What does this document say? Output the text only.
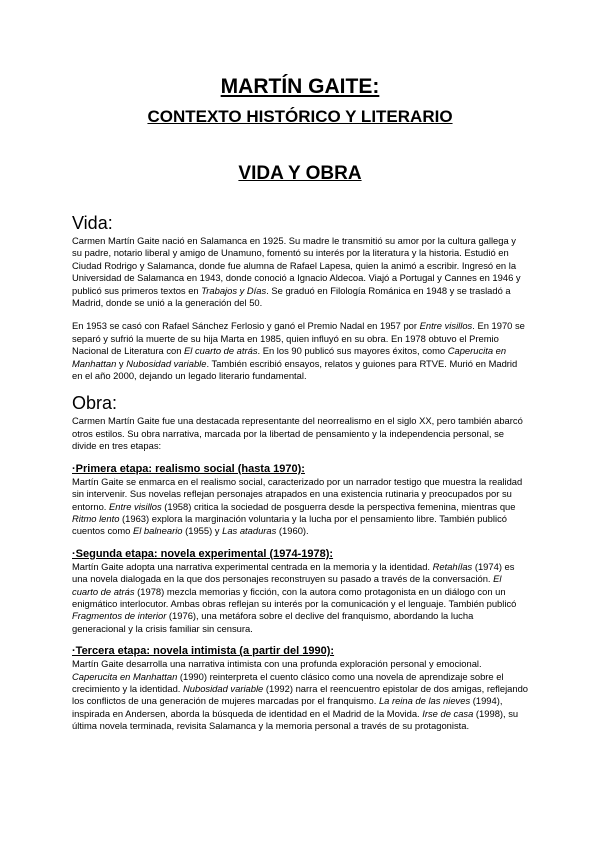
MARTÍN GAITE:
CONTEXTO HISTÓRICO Y LITERARIO
VIDA Y OBRA
Vida:

Carmen Martín Gaite nació en Salamanca en 1925. Su madre le transmitió su amor por la cultura gallega y su padre, notario liberal y amigo de Unamuno, fomentó su interés por la literatura y la historia. Estudió en Ciudad Rodrigo y Salamanca, donde fue alumna de Rafael Lapesa, quien la animó a escribir. Ingresó en la Universidad de Salamanca en 1943, donde conoció a Ignacio Aldecoa. Viajó a Portugal y Cannes en 1946 y publicó sus primeros textos en Trabajos y Días. Se graduó en Filología Románica en 1948 y se trasladó a Madrid, donde se unió a la generación del 50.

En 1953 se casó con Rafael Sánchez Ferlosio y ganó el Premio Nadal en 1957 por Entre visillos. En 1970 se separó y sufrió la muerte de su hija Marta en 1985, quien influyó en su obra. En 1978 obtuvo el Premio Nacional de Literatura con El cuarto de atrás. En los 90 publicó sus mayores éxitos, como Caperucita en Manhattan y Nubosidad variable. También escribió ensayos, relatos y guiones para RTVE. Murió en Madrid en el año 2000, dejando un legado literario fundamental.

Obra:

Carmen Martín Gaite fue una destacada representante del neorrealismo en el siglo XX, pero también abarcó otros estilos. Su obra narrativa, marcada por la libertad de pensamiento y la independencia personal, se divide en tres etapas:

·Primera etapa: realismo social (hasta 1970):

Martín Gaite se enmarca en el realismo social, caracterizado por un narrador testigo que muestra la realidad sin intervenir. Sus novelas reflejan personajes atrapados en una existencia rutinaria y preocupados por su entorno. Entre visillos (1958) critica la sociedad de posguerra desde la perspectiva femenina, mientras que Ritmo lento (1963) explora la marginación voluntaria y la lucha por el pensamiento libre. También publicó cuentos como El balneario (1955) y Las ataduras (1960).

·Segunda etapa: novela experimental (1974-1978):

Martín Gaite adopta una narrativa experimental centrada en la memoria y la identidad. Retahílas (1974) es una novela dialogada en la que dos personajes reconstruyen su pasado a través de la conversación. El cuarto de atrás (1978) mezcla memorias y ficción, con la autora como protagonista en un diálogo con un enigmático interlocutor. Ambas obras reflejan su interés por la comunicación y el lenguaje. También publicó Fragmentos de interior (1976), una metáfora sobre el declive del franquismo, abordando la lucha generacional y la crisis familiar sin censura.

·Tercera etapa: novela intimista (a partir del 1990):

Martín Gaite desarrolla una narrativa intimista con una profunda exploración personal y emocional. Caperucita en Manhattan (1990) reinterpreta el cuento clásico como una novela de aprendizaje sobre el crecimiento y la identidad. Nubosidad variable (1992) narra el reencuentro epistolar de dos amigas, reflejando los conflictos de una generación de mujeres marcadas por el franquismo. La reina de las nieves (1994), inspirada en Andersen, aborda la búsqueda de identidad en el Madrid de la Movida. Irse de casa (1998), su última novela terminada, revisita Salamanca y la memoria personal a través de su protagonista.
